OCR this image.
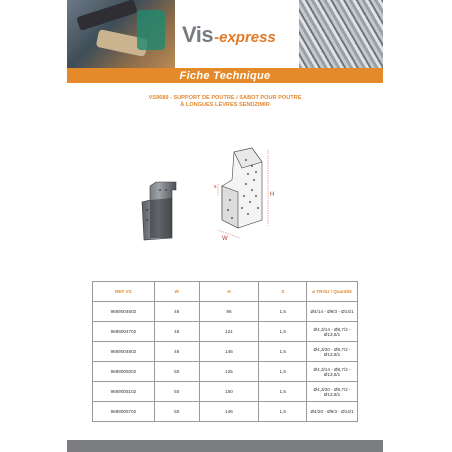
Vis -express
Fiche Technique
VS9689 - SUPPORT DE POUTRE / SABOT POUR POUTRE
À LONGUES LÈVRES SENDZIMIR
H
s
W
REF VS	W	H	S	ø TROU / Quantité
9689004602	46	96	1,5	Ø4/14 - Ø9/3 - Ø14/1
9689004702	46	121	1,5	Ø4,3/14 - Ø8,7/2 - Ø13,8/1
9689004802	46	146	1,5	Ø4,3/20 - Ø8,7/2 - Ø13,8/1
9689005002	50	125	1,5	Ø4,3/14 - Ø8,7/2 - Ø13,8/1
9689005102	50	150	1,5	Ø4,3/20 - Ø8,7/2 - Ø13,8/1
9689005702	50	146	1,5	Ø4/20 - Ø9/3 - Ø14/1
